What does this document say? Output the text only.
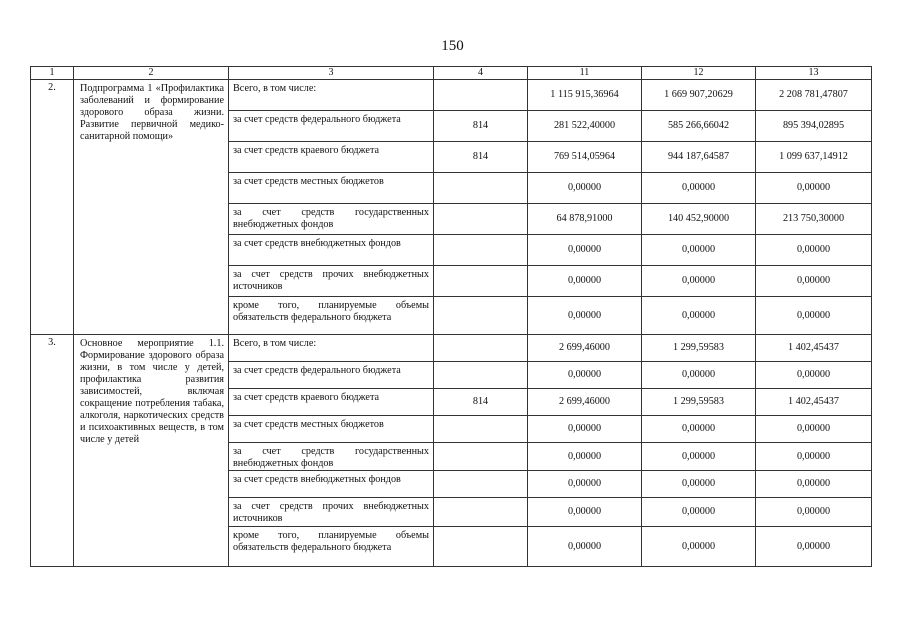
150
1	2	3	4	11	12	13
2.	Подпрограмма 1 «Профилактика заболеваний и формирование здорового образа жизни. Развитие первичной медико-санитарной помощи»	Всего, в том числе:		1 115 915,36964	1 669 907,20629	2 208 781,47807
		за счет средств федерального бюджета	814	281 522,40000	585 266,66042	895 394,02895
		за счет средств краевого бюджета	814	769 514,05964	944 187,64587	1 099 637,14912
		за счет средств местных бюджетов		0,00000	0,00000	0,00000
		за счет средств государственных внебюджетных фондов		64 878,91000	140 452,90000	213 750,30000
		за счет средств внебюджетных фондов		0,00000	0,00000	0,00000
		за счет средств прочих внебюджетных источников		0,00000	0,00000	0,00000
		кроме того, планируемые объемы обязательств федерального бюджета		0,00000	0,00000	0,00000
3.	Основное мероприятие 1.1. Формирование здорового образа жизни, в том числе у детей, профилактика развития зависимостей, включая сокращение потребления табака, алкоголя, наркотических средств и психоактивных веществ, в том числе у детей	Всего, в том числе:		2 699,46000	1 299,59583	1 402,45437
		за счет средств федерального бюджета		0,00000	0,00000	0,00000
		за счет средств краевого бюджета	814	2 699,46000	1 299,59583	1 402,45437
		за счет средств местных бюджетов		0,00000	0,00000	0,00000
		за счет средств государственных внебюджетных фондов		0,00000	0,00000	0,00000
		за счет средств внебюджетных фондов		0,00000	0,00000	0,00000
		за счет средств прочих внебюджетных источников		0,00000	0,00000	0,00000
		кроме того, планируемые объемы обязательств федерального бюджета		0,00000	0,00000	0,00000
